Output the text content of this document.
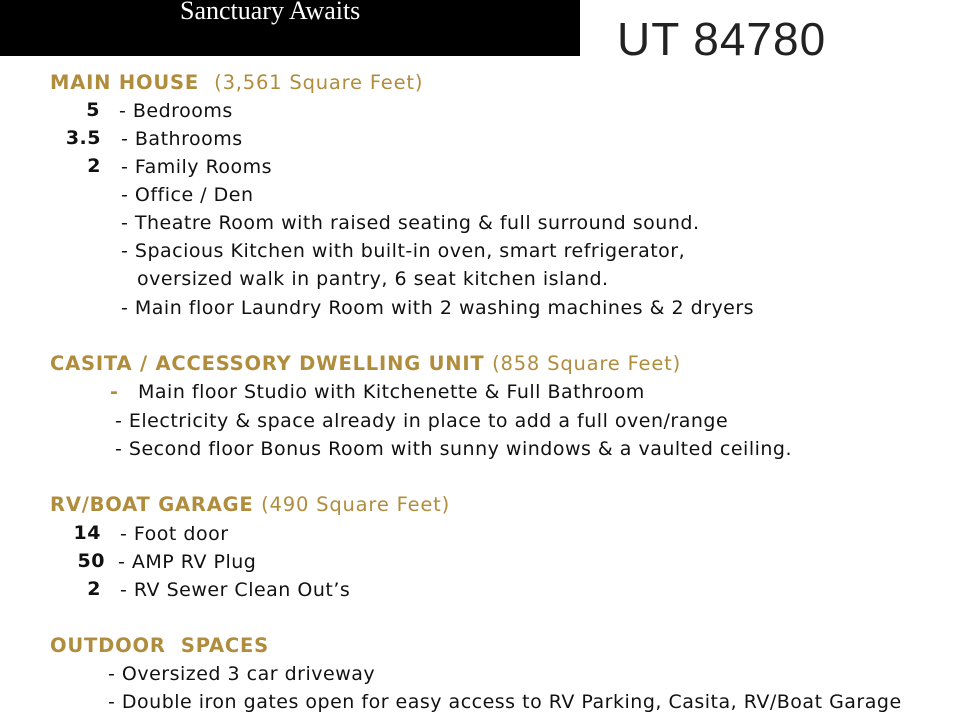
Sanctuary Awaits
UT 84780
MAIN HOUSE (3,561 Square Feet)
5 - Bedrooms
3.5 - Bathrooms
2 - Family Rooms
- Office / Den
- Theatre Room with raised seating & full surround sound.
- Spacious Kitchen with built-in oven, smart refrigerator,
oversized walk in pantry, 6 seat kitchen island.
- Main floor Laundry Room with 2 washing machines & 2 dryers
CASITA / ACCESSORY DWELLING UNIT (858 Square Feet)
- Main floor Studio with Kitchenette & Full Bathroom
- Electricity & space already in place to add a full oven/range
- Second floor Bonus Room with sunny windows & a vaulted ceiling.
RV/BOAT GARAGE (490 Square Feet)
14 - Foot door
50 - AMP RV Plug
2 - RV Sewer Clean Out’s
OUTDOOR  SPACES
- Oversized 3 car driveway
- Double iron gates open for easy access to RV Parking, Casita, RV/Boat Garage
